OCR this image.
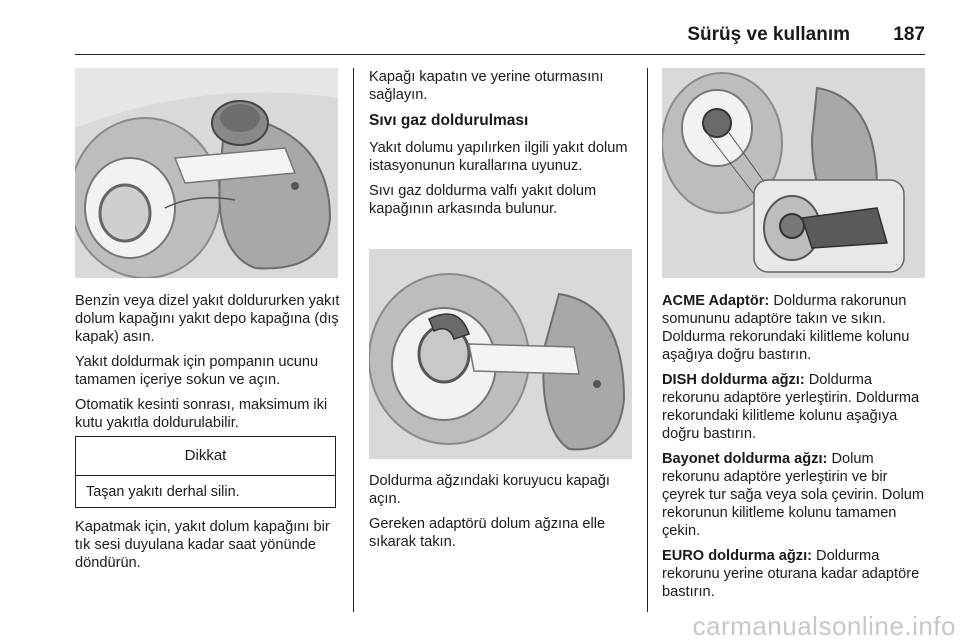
Sürüş ve kullanım 187

Benzin veya dizel yakıt doldururken yakıt dolum kapağını yakıt depo kapağına (dış kapak) asın.

Yakıt doldurmak için pompanın ucunu tamamen içeriye sokun ve açın.

Otomatik kesinti sonrası, maksimum iki kutu yakıtla doldurulabilir.

Dikkat
Taşan yakıtı derhal silin.

Kapatmak için, yakıt dolum kapağını bir tık sesi duyulana kadar saat yönünde döndürün.

Kapağı kapatın ve yerine oturmasını sağlayın.

Sıvı gaz doldurulması

Yakıt dolumu yapılırken ilgili yakıt dolum istasyonunun kurallarına uyunuz.

Sıvı gaz doldurma valfı yakıt dolum kapağının arkasında bulunur.

Doldurma ağzındaki koruyucu kapağı açın.

Gereken adaptörü dolum ağzına elle sıkarak takın.

ACME Adaptör: Doldurma rakorunun somununu adaptöre takın ve sıkın. Doldurma rekorundaki kilitleme kolunu aşağıya doğru bastırın.

DISH doldurma ağzı: Doldurma rekorunu adaptöre yerleştirin. Doldurma rekorundaki kilitleme kolunu aşağıya doğru bastırın.

Bayonet doldurma ağzı: Dolum rekorunu adaptöre yerleştirin ve bir çeyrek tur sağa veya sola çevirin. Dolum rekorunun kilitleme kolunu tamamen çekin.

EURO doldurma ağzı: Doldurma rekorunu yerine oturana kadar adaptöre bastırın.

carmanualsonline.info
